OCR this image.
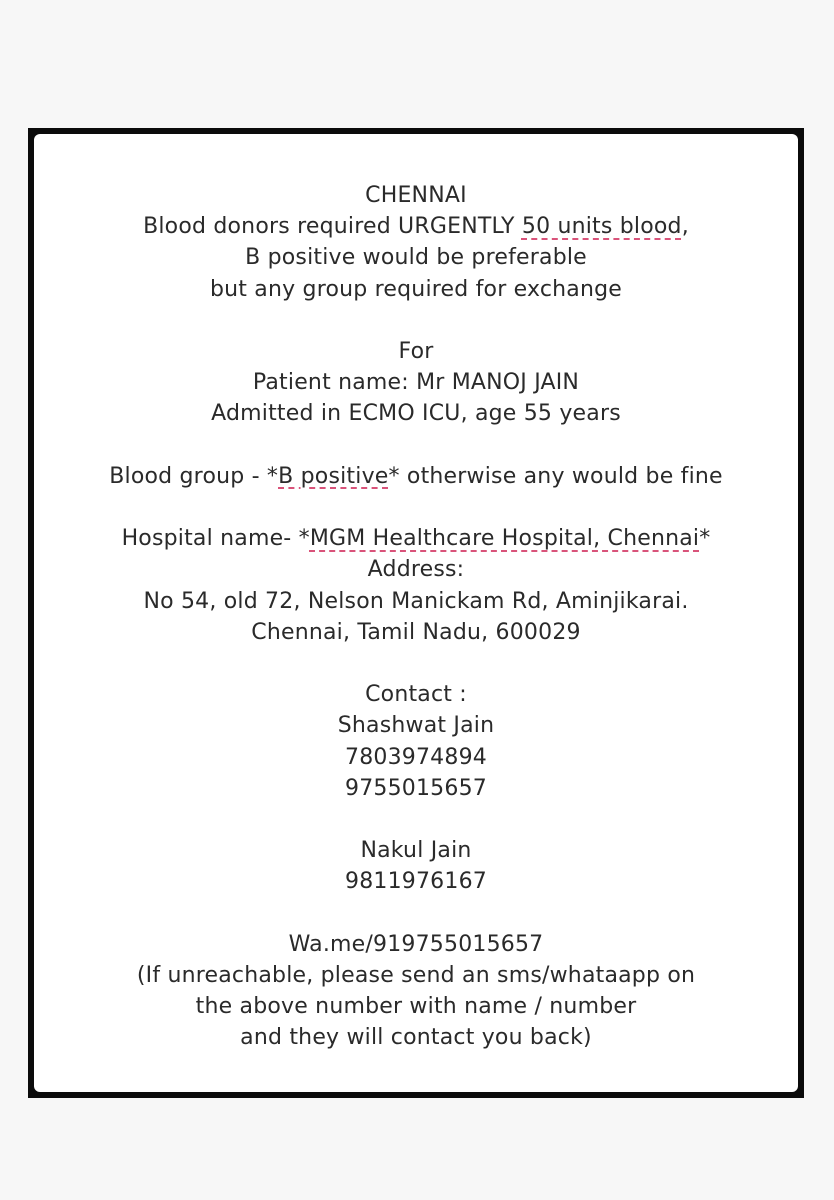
CHENNAI
Blood donors required URGENTLY 50 units blood,
B positive would be preferable
but any group required for exchange
For
Patient name: Mr MANOJ JAIN
Admitted in ECMO ICU, age 55 years
Blood group - *B positive* otherwise any would be fine
Hospital name- *MGM Healthcare Hospital, Chennai*
Address:
No 54, old 72, Nelson Manickam Rd, Aminjikarai.
Chennai, Tamil Nadu, 600029
Contact :
Shashwat Jain
7803974894
9755015657
Nakul Jain
9811976167
Wa.me/919755015657
(If unreachable, please send an sms/whataapp on
the above number with name / number
and they will contact you back)
